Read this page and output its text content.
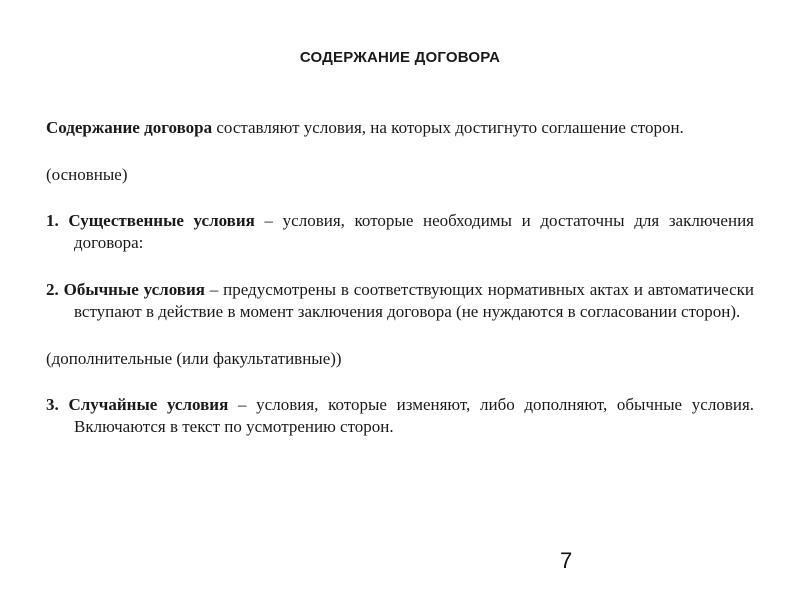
СОДЕРЖАНИЕ ДОГОВОРА

Содержание договора составляют условия, на которых достигнуто соглашение сторон.

(основные)

1. Существенные условия – условия, которые необходимы и достаточны для заключения договора:

2. Обычные условия – предусмотрены в соответствующих нормативных актах и автоматически вступают в действие в момент заключения договора (не нуждаются в согласовании сторон).

(дополнительные (или факультативные))

3. Случайные условия – условия, которые изменяют, либо дополняют, обычные условия. Включаются в текст по усмотрению сторон.

7
